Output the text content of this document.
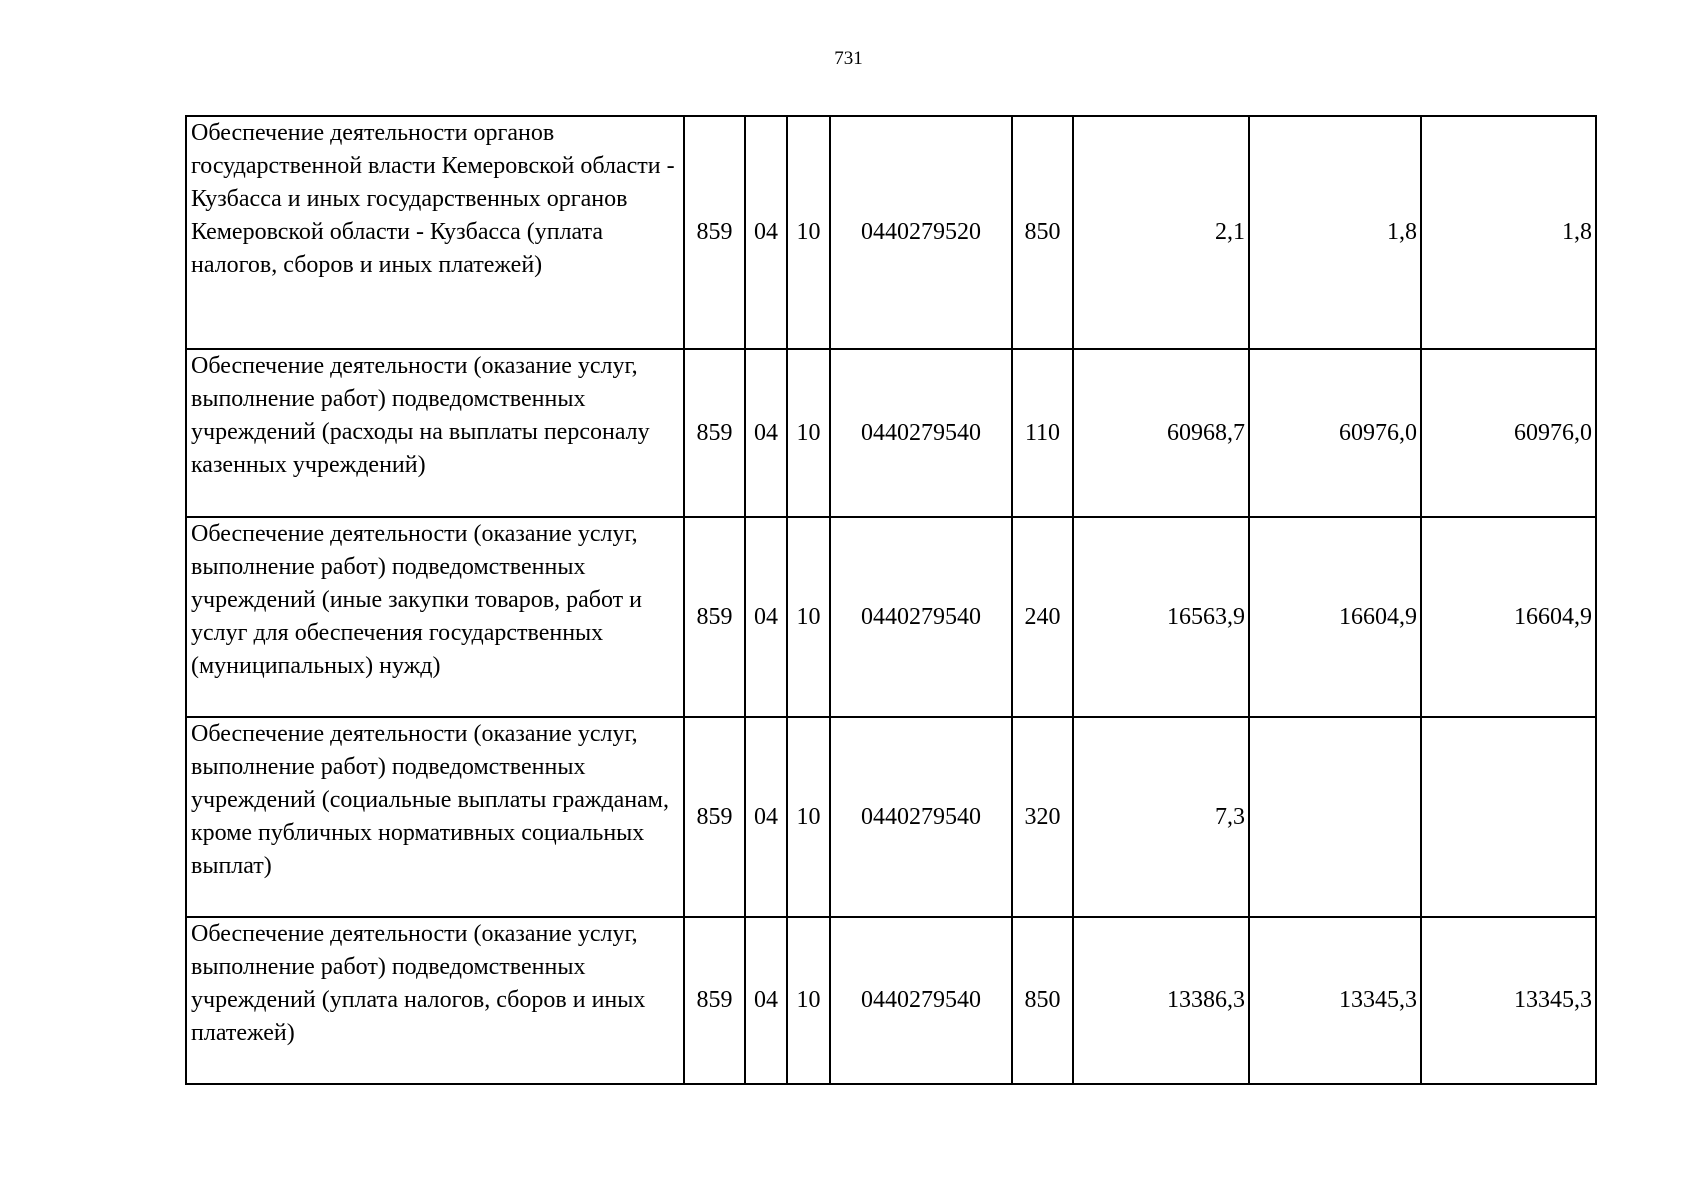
731
Обеспечение деятельности органов государственной власти Кемеровской области - Кузбасса и иных государственных органов Кемеровской области - Кузбасса (уплата налогов, сборов и иных платежей)	859	04	10	0440279520	850	2,1	1,8	1,8
Обеспечение деятельности (оказание услуг, выполнение работ) подведомственных учреждений (расходы на выплаты персоналу казенных учреждений)	859	04	10	0440279540	110	60968,7	60976,0	60976,0
Обеспечение деятельности (оказание услуг, выполнение работ) подведомственных учреждений (иные закупки товаров, работ и услуг для обеспечения государственных (муниципальных) нужд)	859	04	10	0440279540	240	16563,9	16604,9	16604,9
Обеспечение деятельности (оказание услуг, выполнение работ) подведомственных учреждений (социальные выплаты гражданам, кроме публичных нормативных социальных выплат)	859	04	10	0440279540	320	7,3		
Обеспечение деятельности (оказание услуг, выполнение работ) подведомственных учреждений (уплата налогов, сборов и иных платежей)	859	04	10	0440279540	850	13386,3	13345,3	13345,3
